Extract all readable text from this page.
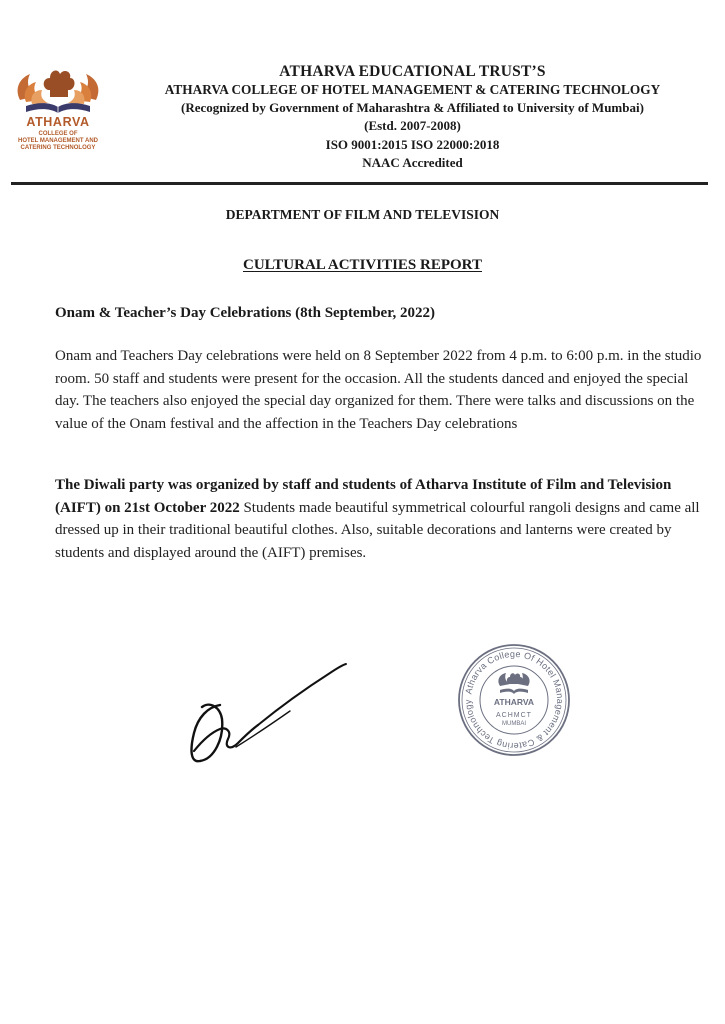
ATHARVA
COLLEGE OF
HOTEL MANAGEMENT AND
CATERING TECHNOLOGY
ATHARVA EDUCATIONAL TRUST’S
ATHARVA COLLEGE OF HOTEL MANAGEMENT & CATERING TECHNOLOGY
(Recognized by Government of Maharashtra & Affiliated to University of Mumbai)
(Estd. 2007-2008)
ISO 9001:2015 ISO 22000:2018
NAAC Accredited
DEPARTMENT OF FILM AND TELEVISION
CULTURAL ACTIVITIES REPORT
Onam & Teacher’s Day Celebrations (8th September, 2022)

Onam and Teachers Day celebrations were held on 8 September 2022 from 4 p.m. to 6:00 p.m. in the studio room. 50 staff and students were present for the occasion. All the students danced and enjoyed the special day. The teachers also enjoyed the special day organized for them. There were talks and discussions on the value of the Onam festival and the affection in the Teachers Day celebrations

The Diwali party was organized by staff and students of Atharva Institute of Film and Television (AIFT) on 21st October 2022 Students made beautiful symmetrical colourful rangoli designs and came all dressed up in their traditional beautiful clothes. Also, suitable decorations and lanterns were created by students and displayed around the (AIFT) premises.

Atharva College Of Hotel Management & Catering Technology	ATHARVA
ACHMCT
MUMBAI
